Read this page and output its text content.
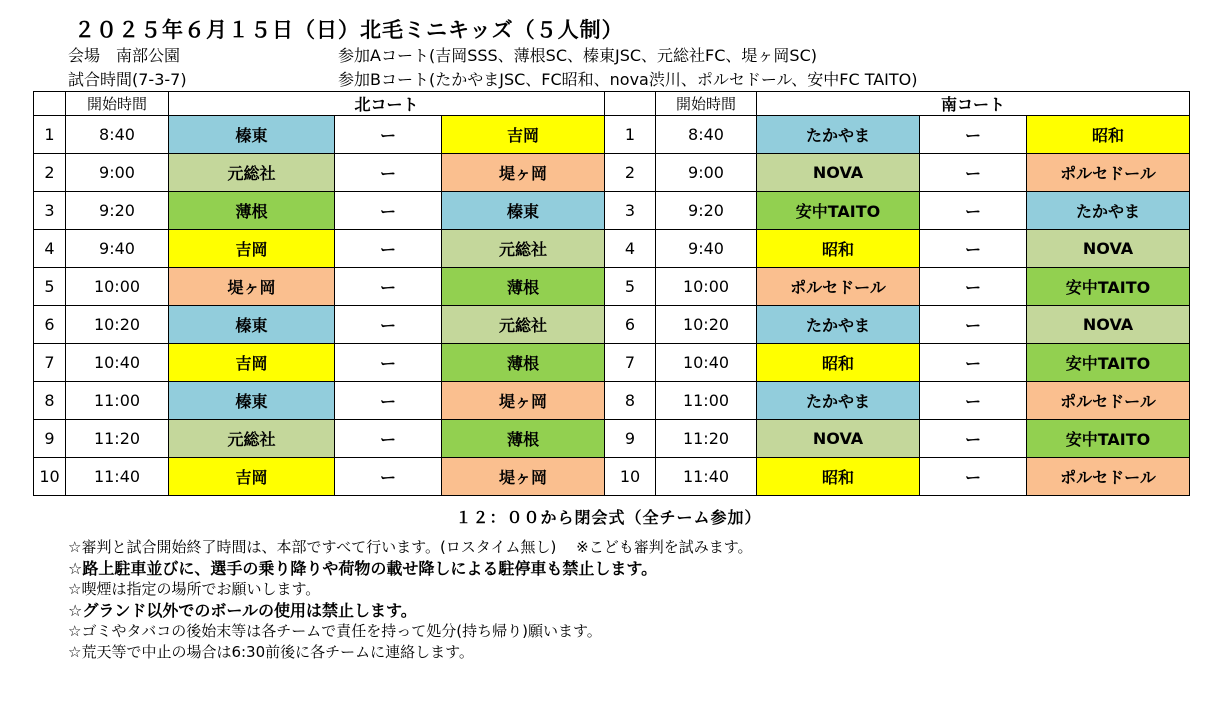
２０２５年６月１５日（日）北毛ミニキッズ（５人制）
会場　南部公園
試合時間(7-3-7)
参加Aコート(吉岡SSS、薄根SC、榛東JSC、元総社FC、堤ヶ岡SC)
参加Bコート(たかやまJSC、FC昭和、nova渋川、ポルセドール、安中FC TAITO)
	開始時間	北コート				開始時間	南コート		
1	8:40	榛東	ー	吉岡	1	8:40	たかやま	ー	昭和
2	9:00	元総社	ー	堤ヶ岡	2	9:00	NOVA	ー	ポルセドール
3	9:20	薄根	ー	榛東	3	9:20	安中TAITO	ー	たかやま
4	9:40	吉岡	ー	元総社	4	9:40	昭和	ー	NOVA
5	10:00	堤ヶ岡	ー	薄根	5	10:00	ポルセドール	ー	安中TAITO
6	10:20	榛東	ー	元総社	6	10:20	たかやま	ー	NOVA
7	10:40	吉岡	ー	薄根	7	10:40	昭和	ー	安中TAITO
8	11:00	榛東	ー	堤ヶ岡	8	11:00	たかやま	ー	ポルセドール
9	11:20	元総社	ー	薄根	9	11:20	NOVA	ー	安中TAITO
10	11:40	吉岡	ー	堤ヶ岡	10	11:40	昭和	ー	ポルセドール
１２：００から閉会式（全チーム参加）
☆審判と試合開始終了時間は、本部ですべて行います。(ロスタイム無し)　 ※こども審判を試みます。
☆路上駐車並びに、選手の乗り降りや荷物の載せ降しによる駐停車も禁止します。
☆喫煙は指定の場所でお願いします。
☆グランド以外でのボールの使用は禁止します。
☆ゴミやタバコの後始末等は各チームで責任を持って処分(持ち帰り)願います。
☆荒天等で中止の場合は6:30前後に各チームに連絡します。
